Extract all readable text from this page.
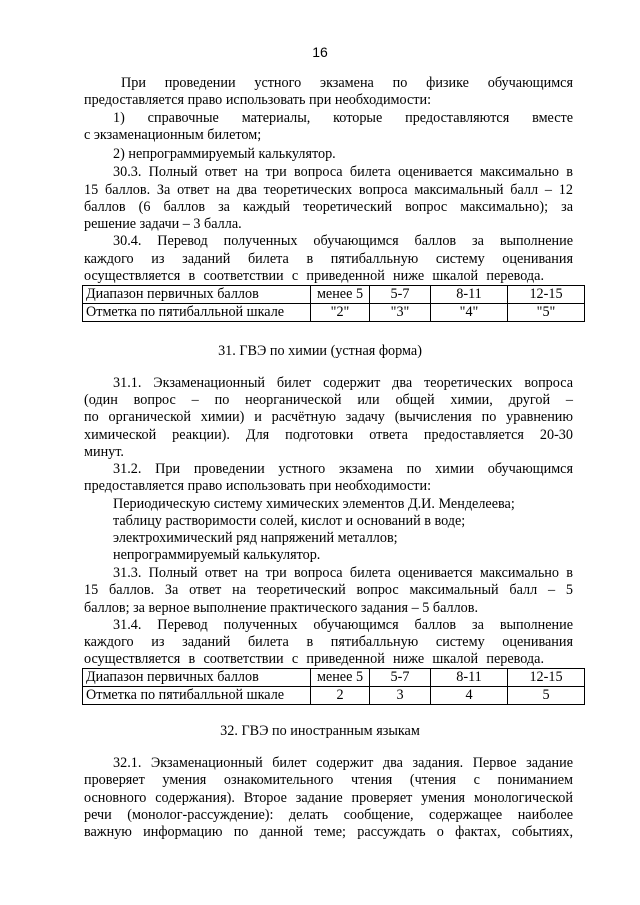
16
При проведении устного экзамена по физике обучающимся
предоставляется право использовать при необходимости:
1) справочные материалы, которые предоставляются вместе
с экзаменационным билетом;
2) непрограммируемый калькулятор.
30.3. Полный ответ на три вопроса билета оценивается максимально в
15 баллов. За ответ на два теоретических вопроса максимальный балл – 12
баллов (6 баллов за каждый теоретический вопрос максимально); за
решение задачи – 3 балла.
30.4. Перевод полученных обучающимся баллов за выполнение
каждого из заданий билета в пятибалльную систему оценивания
осуществляется в соответствии с приведенной ниже шкалой перевода.
Диапазон первичных баллов	менее 5	5-7	8-11	12-15
Отметка по пятибалльной шкале	"2"	"3"	"4"	"5"
31. ГВЭ по химии (устная форма)
31.1. Экзаменационный билет содержит два теоретических вопроса
(один вопрос – по неорганической или общей химии, другой –
по органической химии) и расчётную задачу (вычисления по уравнению
химической реакции). Для подготовки ответа предоставляется 20-30
минут.
31.2. При проведении устного экзамена по химии обучающимся
предоставляется право использовать при необходимости:
Периодическую систему химических элементов Д.И. Менделеева;
таблицу растворимости солей, кислот и оснований в воде;
электрохимический ряд напряжений металлов;
непрограммируемый калькулятор.
31.3. Полный ответ на три вопроса билета оценивается максимально в
15 баллов. За ответ на теоретический вопрос максимальный балл – 5
баллов; за верное выполнение практического задания – 5 баллов.
31.4. Перевод полученных обучающимся баллов за выполнение
каждого из заданий билета в пятибалльную систему оценивания
осуществляется в соответствии с приведенной ниже шкалой перевода.
Диапазон первичных баллов	менее 5	5-7	8-11	12-15
Отметка по пятибалльной шкале	2	3	4	5
32. ГВЭ по иностранным языкам
32.1. Экзаменационный билет содержит два задания. Первое задание
проверяет умения ознакомительного чтения (чтения с пониманием
основного содержания). Второе задание проверяет умения монологической
речи (монолог-рассуждение): делать сообщение, содержащее наиболее
важную информацию по данной теме; рассуждать о фактах, событиях,
